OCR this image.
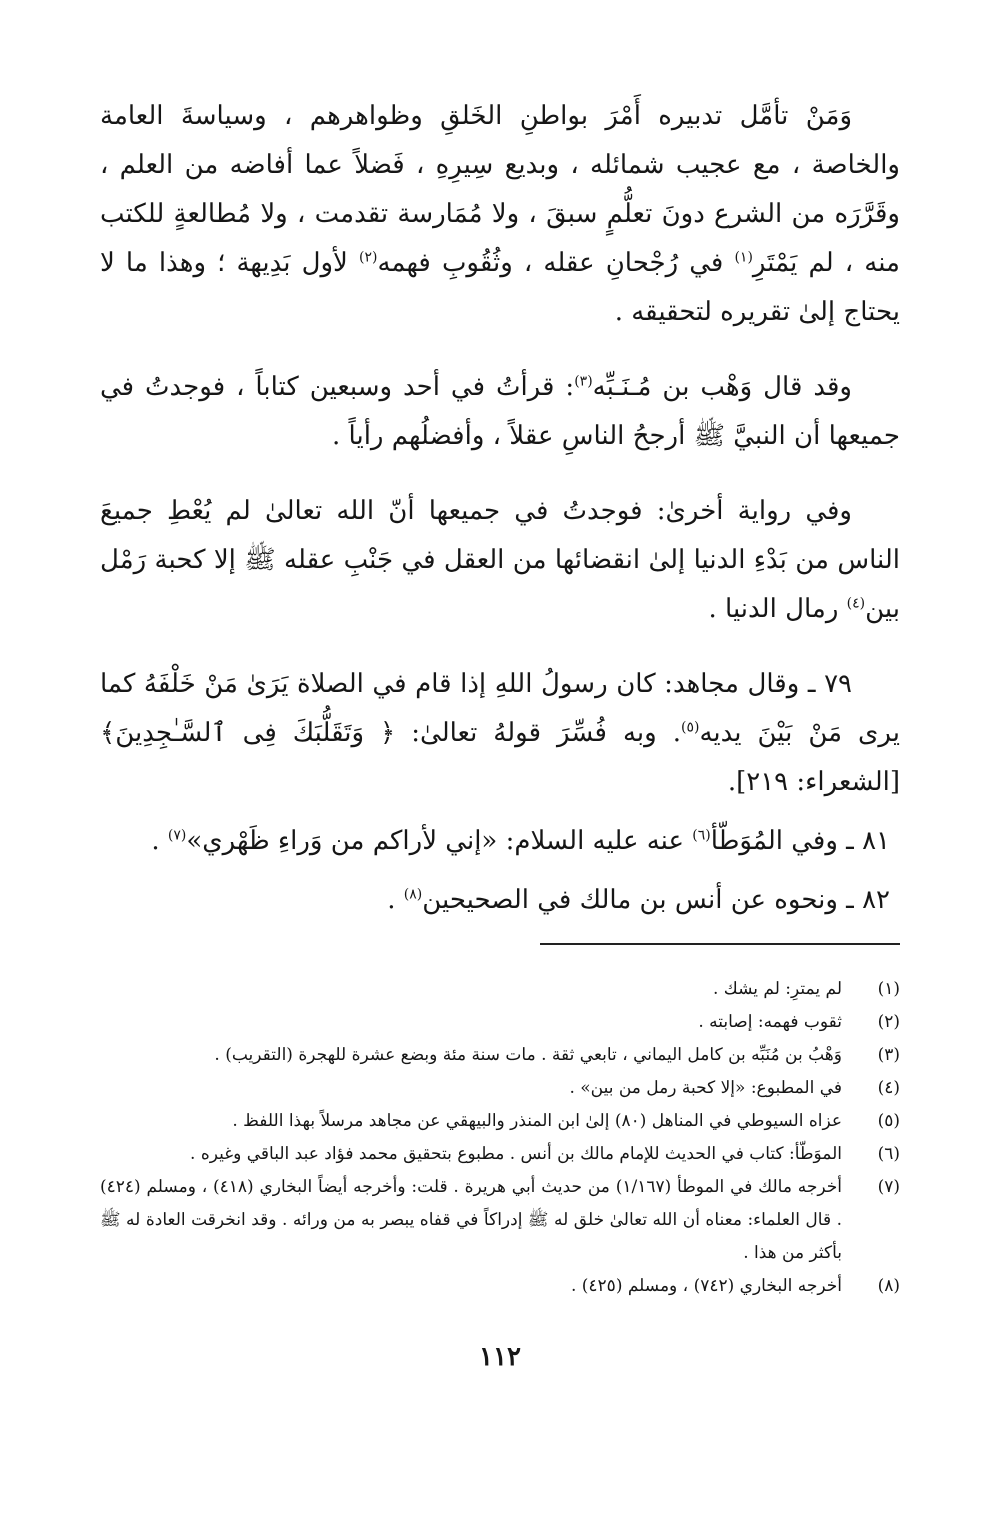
وَمَنْ تأمَّل تدبيره أَمْرَ بواطنِ الخَلقِ وظواهرهم ، وسياسةَ العامة والخاصة ، مع عجيب شمائله ، وبديع سِيرِهِ ، فَضلاً عما أفاضه من العلم ، وقَرَّرَه من الشرع دونَ تعلُّمٍ سبقَ ، ولا مُمَارسة تقدمت ، ولا مُطالعةٍ للكتب منه ، لم يَمْتَرِ$^{(١)}$ في رُجْحانِ عقله ، وثُقُوبِ فهمه$^{(٢)}$ لأول بَدِيهة ؛ وهذا ما لا يحتاج إلىٰ تقريره لتحقيقه .

وقد قال وَهْب بن مُـنَـبِّه$^{(٣)}$: قرأتُ في أحد وسبعين كتاباً ، فوجدتُ في جميعها أن النبيَّ ﷺ أرجحُ الناسِ عقلاً ، وأفضلُهم رأياً .

وفي رواية أخرىٰ: فوجدتُ في جميعها أنّ الله تعالىٰ لم يُعْطِ جميعَ الناس من بَدْءِ الدنيا إلىٰ انقضائها من العقل في جَنْبِ عقله ﷺ إلا كحبة رَمْل بين$^{(٤)}$ رمال الدنيا .

٧٩ ـ وقال مجاهد: كان رسولُ اللهِ إذا قام في الصلاة يَرَىٰ مَنْ خَلْفَهُ كما يرى مَنْ بَيْنَ يديه$^{(٥)}$. وبه فُسِّرَ قولهُ تعالىٰ: ﴿ وَتَقَلُّبَكَ فِى ٱلسَّـٰجِدِينَ﴾ [الشعراء: ٢١٩].

٨١ ـ وفي المُوَطّأ$^{(٦)}$ عنه عليه السلام: «إني لأراكم من وَراءِ ظَهْري»$^{(٧)}$ .

٨٢ ـ ونحوه عن أنس بن مالك في الصحيحين$^{(٨)}$ .

(١)
لم يمترِ: لم يشك .
(٢)
ثقوب فهمه: إصابته .
(٣)
وَهْبُ بن مُنَبِّه بن كامل اليماني ، تابعي ثقة . مات سنة مئة وبضع عشرة للهجرة (التقريب) .
(٤)
في المطبوع: «إلا كحبة رمل من بين» .
(٥)
عزاه السيوطي في المناهل (٨٠) إلىٰ ابن المنذر والبيهقي عن مجاهد مرسلاً بهذا اللفظ .
(٦)
الموَطّأ: كتاب في الحديث للإمام مالك بن أنس . مطبوع بتحقيق محمد فؤاد عبد الباقي وغيره .
(٧)
أخرجه مالك في الموطأ (١/١٦٧) من حديث أبي هريرة . قلت: وأخرجه أيضاً البخاري (٤١٨) ، ومسلم (٤٢٤) . قال العلماء: معناه أن الله تعالىٰ خلق له ﷺ إدراكاً في قفاه يبصر به من ورائه . وقد انخرقت العادة له ﷺ بأكثر من هذا .
(٨)
أخرجه البخاري (٧٤٢) ، ومسلم (٤٢٥) .
١١٢
